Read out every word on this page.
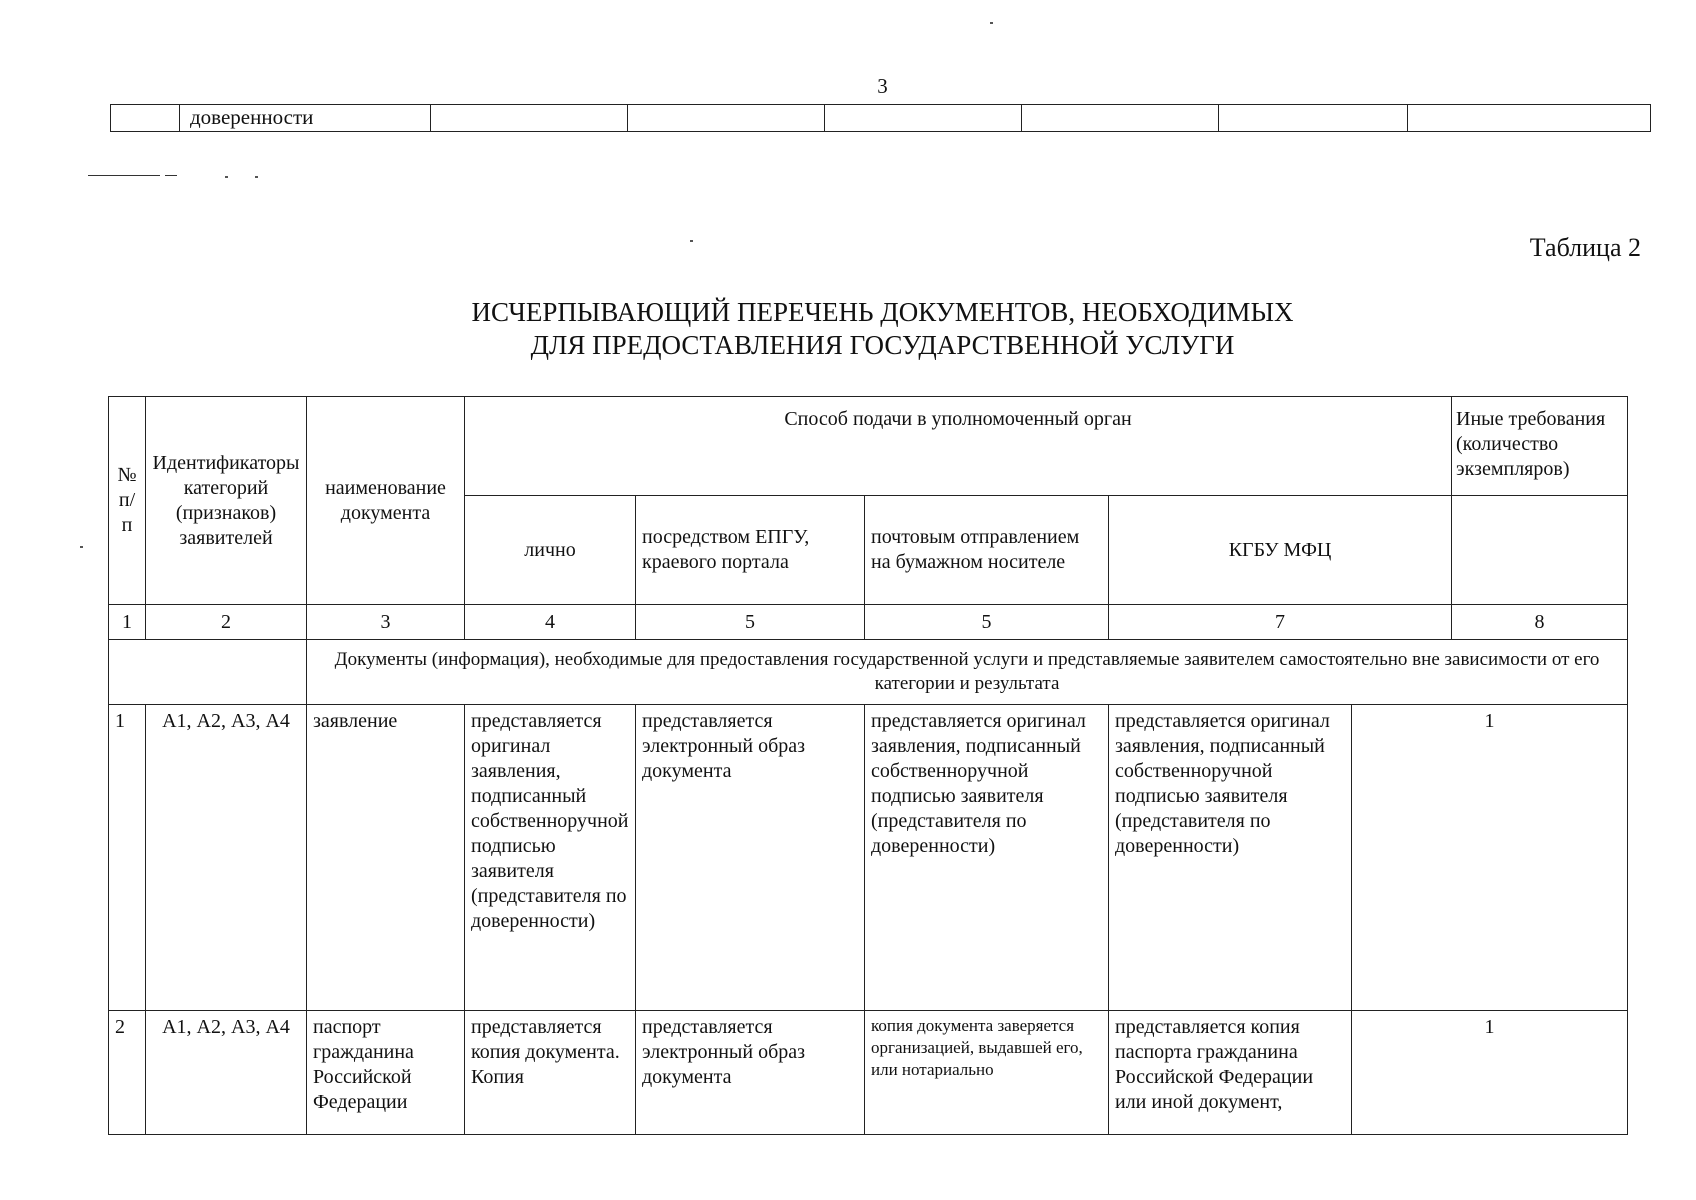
3
	доверенности						
Таблица 2
ИСЧЕРПЫВАЮЩИЙ ПЕРЕЧЕНЬ ДОКУМЕНТОВ, НЕОБХОДИМЫХ
ДЛЯ ПРЕДОСТАВЛЕНИЯ ГОСУДАРСТВЕННОЙ УСЛУГИ
№ п/п	Идентификаторы категорий (признаков) заявителей	наименование документа	Способ подачи в уполномоченный орган					Иные требования (количество экземпляров)
			лично	посредством ЕПГУ, краевого портала	почтовым отправлением на бумажном носителе	КГБУ МФЦ		
1	2	3	4	5	5	7		8
		Документы (информация), необходимые для предоставления государственной услуги и представляемые заявителем самостоятельно вне зависимости от его категории и результата						
1	А1, А2, А3, А4	заявление	представляется оригинал заявления, подписанный собственноручной подписью заявителя (представителя по доверенности)	представляется электронный образ документа	представляется оригинал заявления, подписанный собственноручной подписью заявителя (представителя по доверенности)	представляется оригинал заявления, подписанный собственноручной подписью заявителя (представителя по доверенности)	1	
2	А1, А2, А3, А4	паспорт гражданина Российской Федерации	представляется копия документа. Копия	представляется электронный образ документа	копия документа заверяется организацией, выдавшей его, или нотариально	представляется копия паспорта гражданина Российской Федерации или иной документ,	1	
